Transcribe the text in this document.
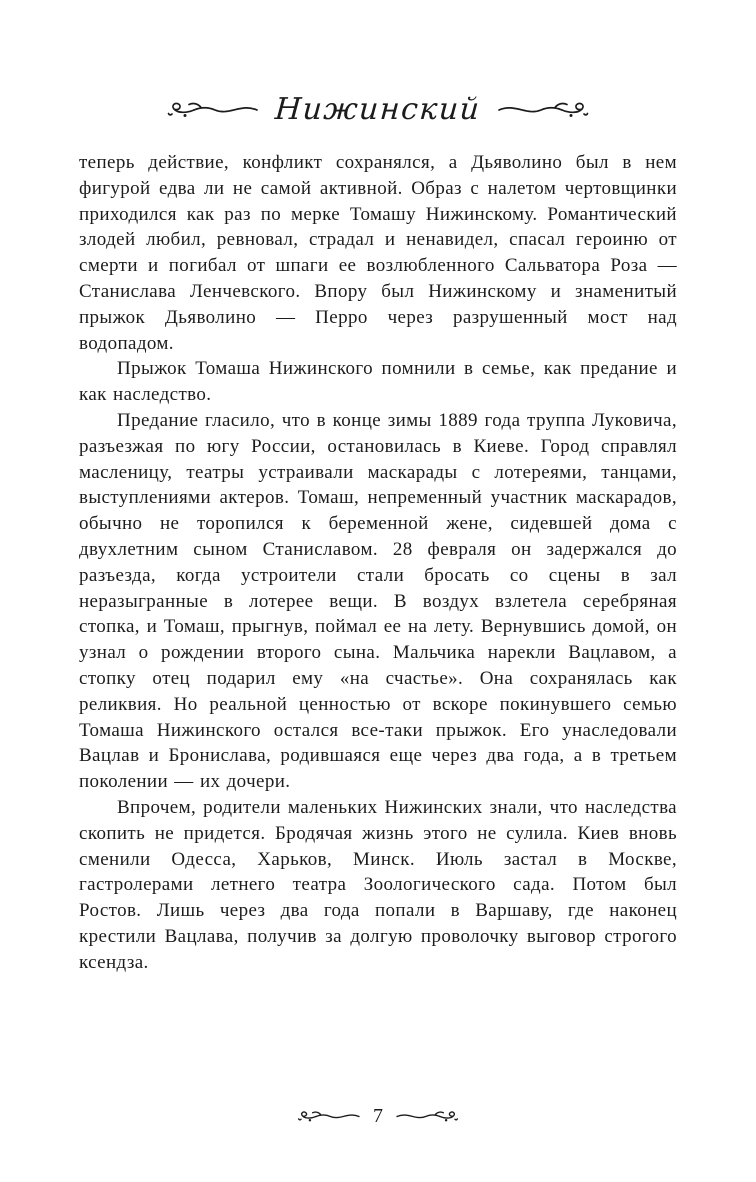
Нижинский

теперь действие, конфликт сохранялся, а Дьяволино был в нем фигурой едва ли не самой активной. Образ с налетом чертовщинки приходился как раз по мерке Томашу Нижинскому. Романтический злодей любил, ревновал, страдал и ненавидел, спасал героиню от смерти и погибал от шпаги ее возлюбленного Сальватора Роза — Станислава Ленчевского. Впору был Нижинскому и знаменитый прыжок Дьяволино — Перро через разрушенный мост над водопадом.

Прыжок Томаша Нижинского помнили в семье, как предание и как наследство.

Предание гласило, что в конце зимы 1889 года труппа Луковича, разъезжая по югу России, остановилась в Киеве. Город справлял масленицу, театры устраивали маскарады с лотереями, танцами, выступлениями актеров. Томаш, непременный участник маскарадов, обычно не торопился к беременной жене, сидевшей дома с двухлетним сыном Станиславом. 28 февраля он задержался до разъезда, когда устроители стали бросать со сцены в зал неразыгранные в лотерее вещи. В воздух взлетела серебряная стопка, и Томаш, прыгнув, поймал ее на лету. Вернувшись домой, он узнал о рождении второго сына. Мальчика нарекли Вацлавом, а стопку отец подарил ему «на счастье». Она сохранялась как реликвия. Но реальной ценностью от вскоре покинувшего семью Томаша Нижинского остался все-таки прыжок. Его унаследовали Вацлав и Бронислава, родившаяся еще через два года, а в третьем поколении — их дочери.

Впрочем, родители маленьких Нижинских знали, что наследства скопить не придется. Бродячая жизнь этого не сулила. Киев вновь сменили Одесса, Харьков, Минск. Июль застал в Москве, гастролерами летнего театра Зоологического сада. Потом был Ростов. Лишь через два года попали в Варшаву, где наконец крестили Вацлава, получив за долгую проволочку выговор строгого ксендза.

7
